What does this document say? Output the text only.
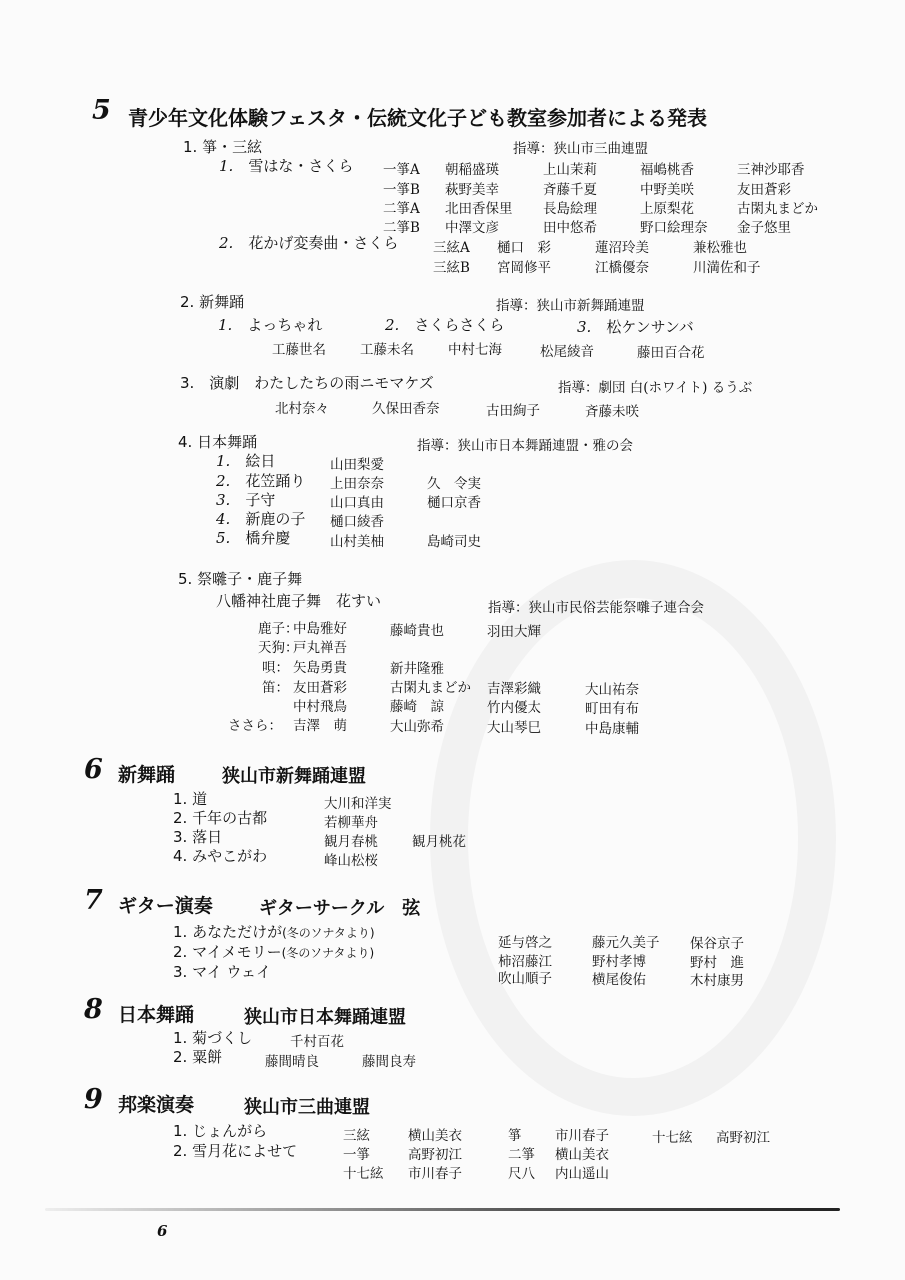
5 青少年文化体験フェスタ・伝統文化子ども教室参加者による発表
1. 箏・三絃	指導：狭山市三曲連盟
1.　 雪はな・さくら
2.　 花かげ変奏曲・さくら
一箏A 朝稲盛瑛	上山茉莉	福嶋桃香	三神沙耶香
一箏B 萩野美幸	斉藤千夏	中野美咲	友田蒼彩
二箏A 北田香保里 長島絵理	上原梨花	古閑丸まどか
二箏B 中澤文彦	田中悠希	野口絵理奈 金子悠里
三絃A 樋口　彩	蓮沼玲美	兼松雅也
三絃B 宮岡修平	江橋優奈	川満佐和子
2. 新舞踊	指導：狭山市新舞踊連盟
1.　 よっちゃれ	2.　 さくらさくら	3.　 松ケンサンバ
工藤世名	工藤未名	中村七海	松尾綾音	藤田百合花
3.　演劇　わたしたちの雨ニモマケズ	指導：劇団 白(ホワイト) るうぶ
北村奈々	久保田香奈	古田絢子	斉藤未咲
4. 日本舞踊	指導：狭山市日本舞踊連盟・雅の会
1.　 絵日	山田梨愛
2.　 花笠踊り 上田奈奈	久　令実
3.　 子守	山口真由	樋口京香
4.　 新鹿の子 樋口綾香
5.　 橋弁慶	山村美柚	島崎司史
5. 祭囃子・鹿子舞
八幡神社鹿子舞　花すい	指導：狭山市民俗芸能祭囃子連合会
鹿子：
中島雅好	藤崎貴也	羽田大輝
天狗：
戸丸禅吾
唄： 矢島勇貴	新井隆雅
笛： 友田蒼彩	古閑丸まどか 吉澤彩織	大山祐奈
中村飛鳥	藤崎　諒	竹内優太	町田有布
ささら： 吉澤　萌	大山弥希	大山琴巳	中島康輔
6 新舞踊	狭山市新舞踊連盟
1. 道	大川和洋実
2. 千年の古都	若柳華舟
3. 落日	観月春桃	観月桃花
4. みやこがわ	峰山松桜
7 ギター演奏	ギターサークル　弦
1. あなただけが(冬のソナタより)
2. マイメモリー(冬のソナタより)
3. マイ ウェイ
延与啓之	藤元久美子 保谷京子
柿沼藤江	野村孝博	野村　進
吹山順子	横尾俊佑	木村康男
8 日本舞踊	狭山市日本舞踊連盟
1. 菊づくし	千村百花
2. 粟餅	藤間晴良	藤間良寿
9 邦楽演奏	狭山市三曲連盟
1. じょんがら
2. 雪月花によせて
三絃	横山美衣	箏 市川春子	十七絃 高野初江
一箏	高野初江	二箏 横山美衣
十七絃 市川春子	尺八 内山遥山
6
